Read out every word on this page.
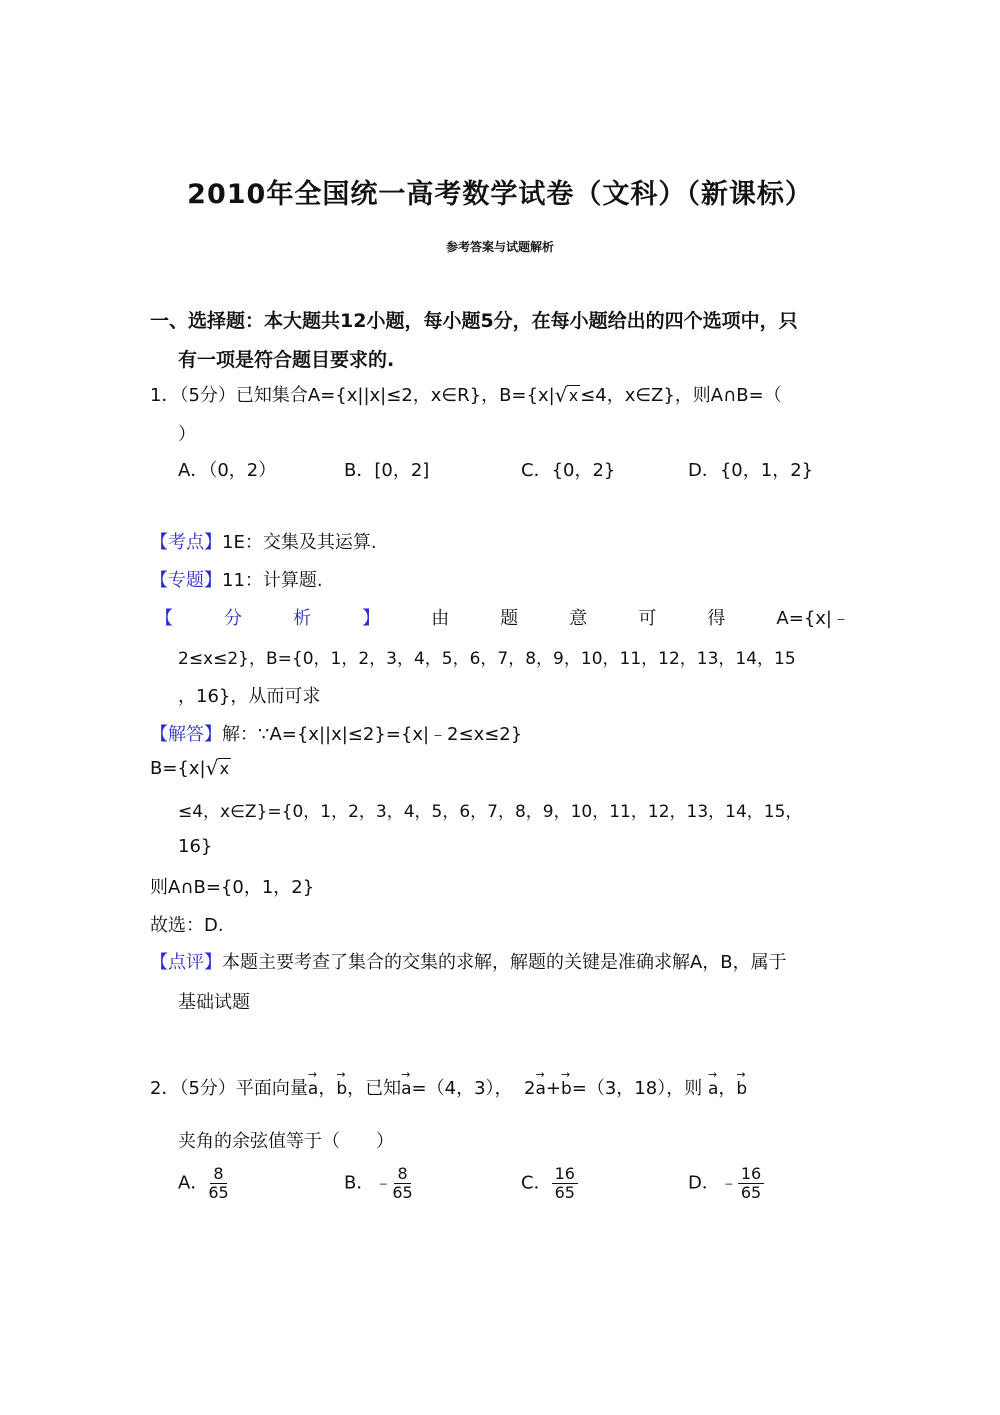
2010年全国统一高考数学试卷（文科）（新课标）
参考答案与试题解析
一、选择题：本大题共12小题，每小题5分，在每小题给出的四个选项中，只
有一项是符合题目要求的.
1．（5分）已知集合A={x||x|≤2，x∈R}，B={x| √ x ≤4，x∈Z}，则A∩B=（
）
A．（0，2）	B．[0，2]	C．{0，2}	D．{0，1，2}
【考点】1E：交集及其运算.
【专题】11：计算题.
【	分	析	】	由	题	意	可	得	A={x|﹣
2≤x≤2}，B={0，1，2，3，4，5，6，7，8，9，10，11，12，13，14，15
，16}，从而可求
【解答】解：∵A={x||x|≤2}={x|﹣2≤x≤2}
B={x| √ x
≤4，x∈Z}={0，1，2，3，4，5，6，7，8，9，10，11，12，13，14，15，
16}
则A∩B={0，1，2}
故选：D.
【点评】本题主要考查了集合的交集的求解，解题的关键是准确求解A，B，属于
基础试题
2．（5分）平面向量→ a，→ b，已知→ a=（4，3）， 2→ a+→ b=（3，18），则 → a，→ b
夹角的余弦值等于（　　）
A． $\frac{8}{65}$	B．﹣ $\frac{8}{65}$	C． $\frac{16}{65}$	D．﹣ $\frac{16}{65}$
